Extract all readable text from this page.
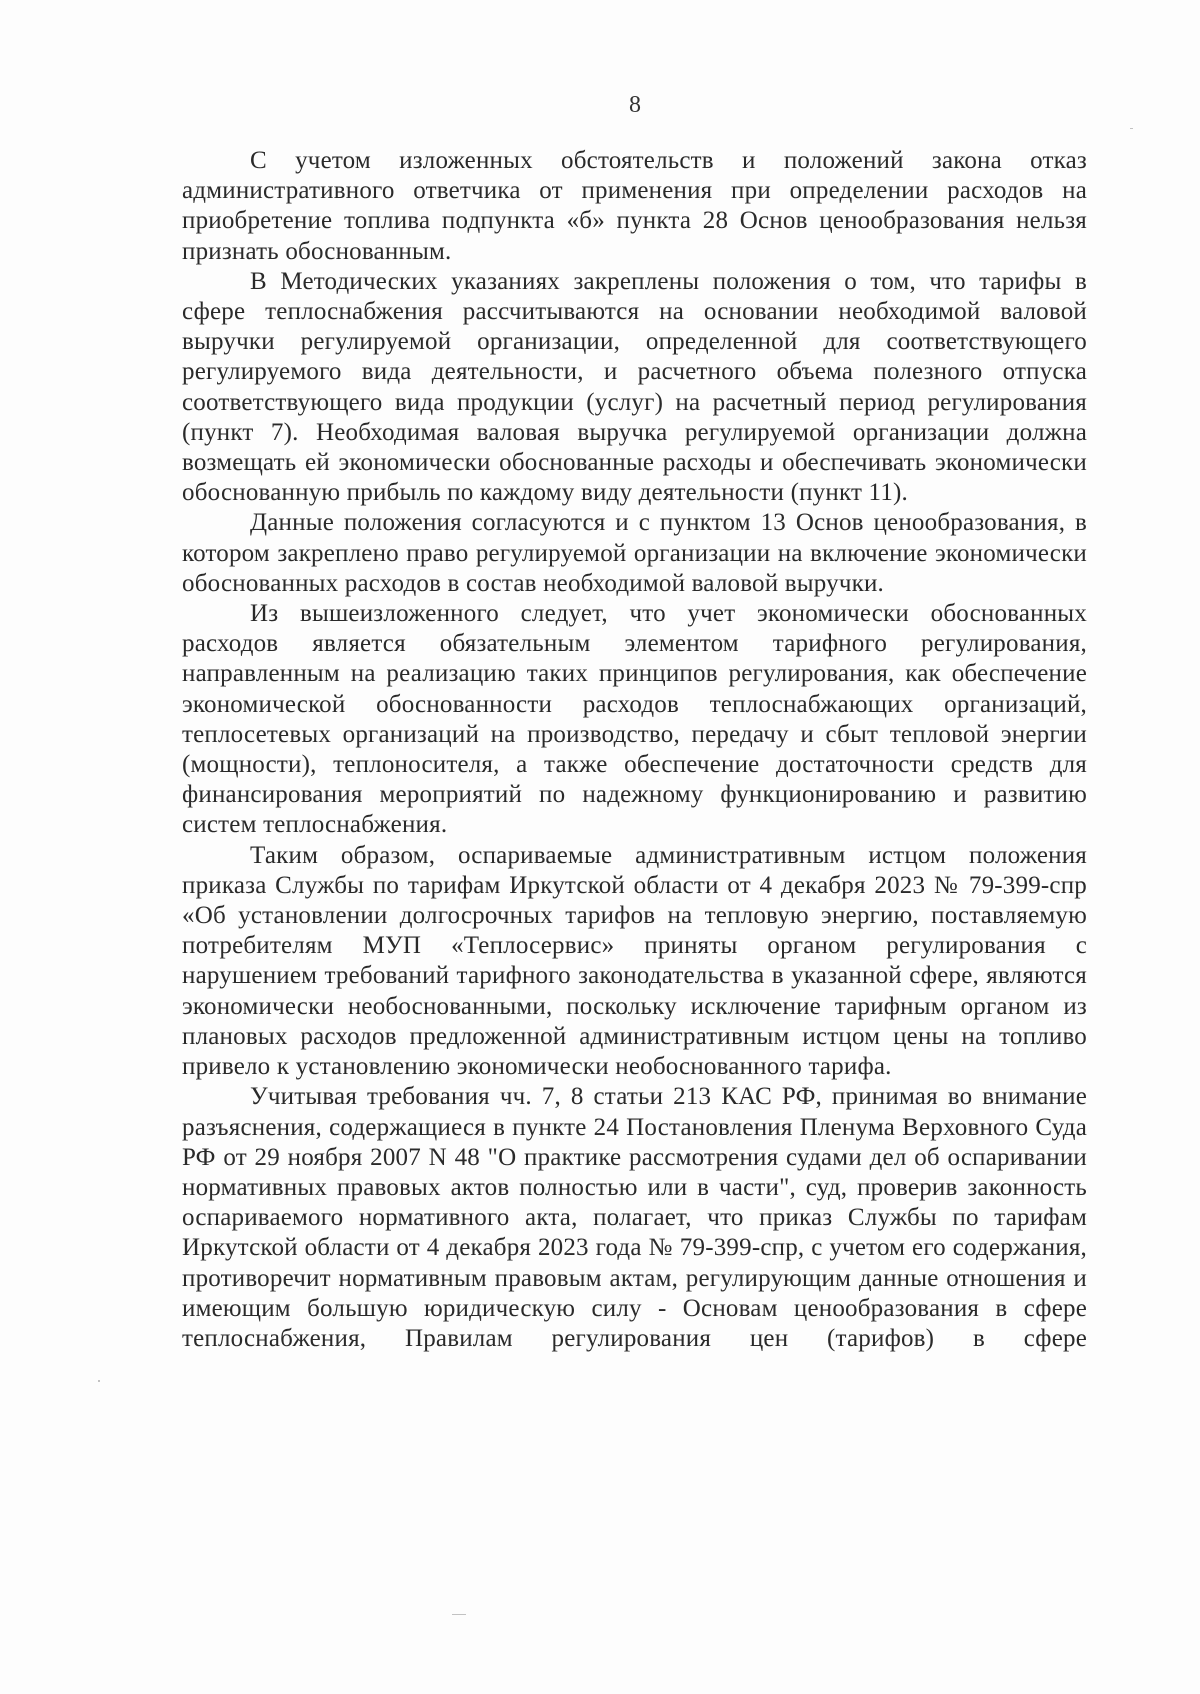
8

С учетом изложенных обстоятельств и положений закона отказ административного ответчика от применения при определении расходов на приобретение топлива подпункта «б» пункта 28 Основ ценообразования нельзя признать обоснованным.

В Методических указаниях закреплены положения о том, что тарифы в сфере теплоснабжения рассчитываются на основании необходимой валовой выручки регулируемой организации, определенной для соответствующего регулируемого вида деятельности, и расчетного объема полезного отпуска соответствующего вида продукции (услуг) на расчетный период регулирования (пункт 7). Необходимая валовая выручка регулируемой организации должна возмещать ей экономически обоснованные расходы и обеспечивать экономически обоснованную прибыль по каждому виду деятельности (пункт 11).

Данные положения согласуются и с пунктом 13 Основ ценообразования, в котором закреплено право регулируемой организации на включение экономически обоснованных расходов в состав необходимой валовой выручки.

Из вышеизложенного следует, что учет экономически обоснованных расходов является обязательным элементом тарифного регулирования, направленным на реализацию таких принципов регулирования, как обеспечение экономической обоснованности расходов теплоснабжающих организаций, теплосетевых организаций на производство, передачу и сбыт тепловой энергии (мощности), теплоносителя, а также обеспечение достаточности средств для финансирования мероприятий по надежному функционированию и развитию систем теплоснабжения.

Таким образом, оспариваемые административным истцом положения приказа Службы по тарифам Иркутской области от 4 декабря 2023 № 79-399-спр «Об установлении долгосрочных тарифов на тепловую энергию, поставляемую потребителям МУП «Теплосервис» приняты органом регулирования с нарушением требований тарифного законодательства в указанной сфере, являются экономически необоснованными, поскольку исключение тарифным органом из плановых расходов предложенной административным истцом цены на топливо привело к установлению экономически необоснованного тарифа.

Учитывая требования чч. 7, 8 статьи 213 КАС РФ, принимая во внимание разъяснения, содержащиеся в пункте 24 Постановления Пленума Верховного Суда РФ от 29 ноября 2007 N 48 "О практике рассмотрения судами дел об оспаривании нормативных правовых актов полностью или в части", суд, проверив законность оспариваемого нормативного акта, полагает, что приказ Службы по тарифам Иркутской области от 4 декабря 2023 года № 79-399-спр, с учетом его содержания, противоречит нормативным правовым актам, регулирующим данные отношения и имеющим большую юридическую силу - Основам ценообразования в сфере теплоснабжения, Правилам регулирования цен (тарифов) в сфере
